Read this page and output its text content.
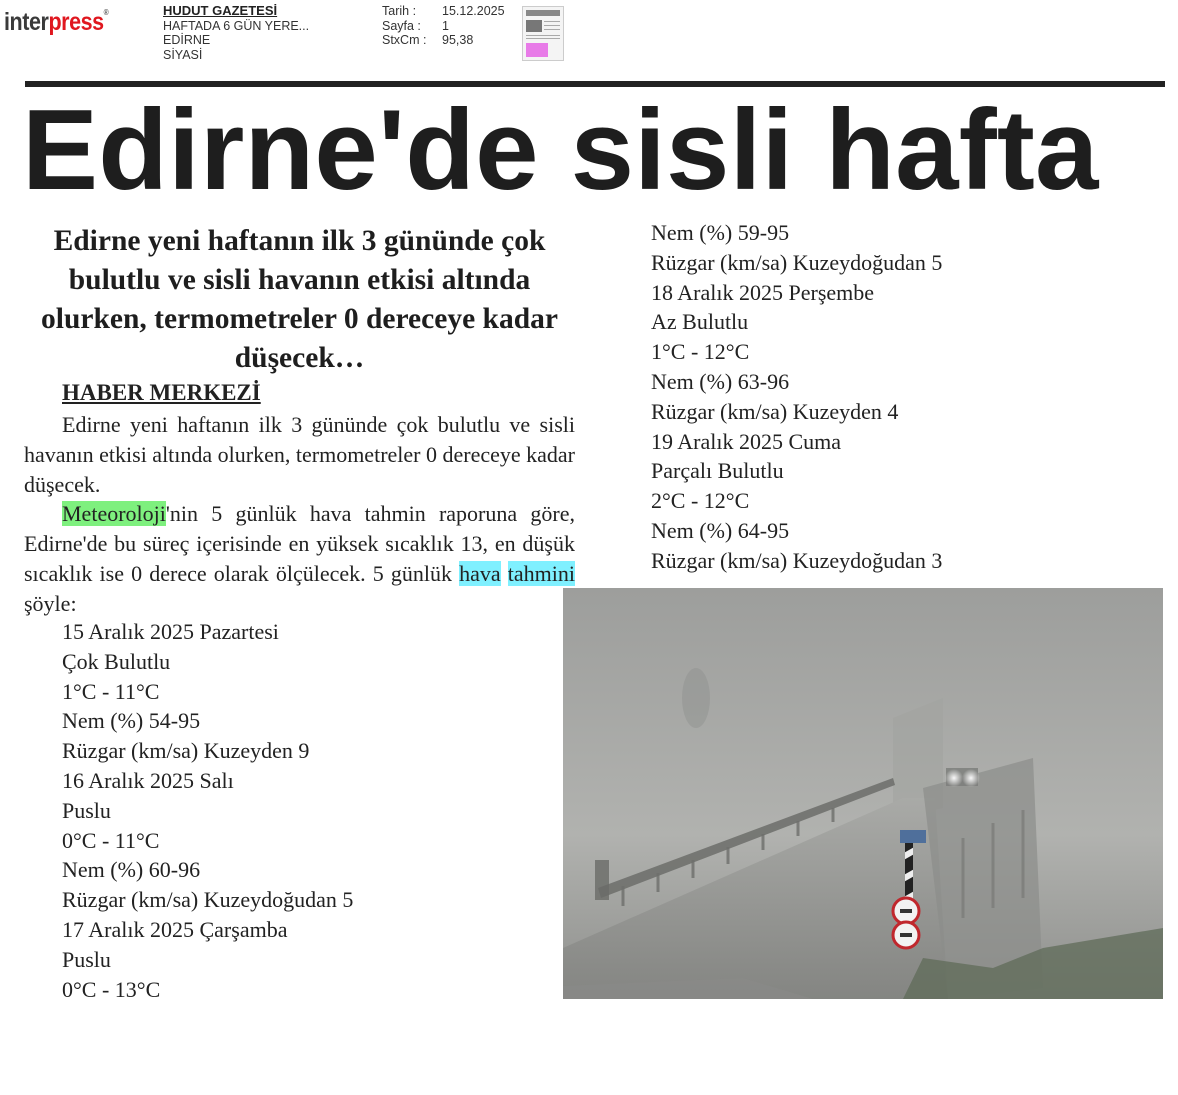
interpress®	HUDUT GAZETESİ
HAFTADA 6 GÜN YERE...
EDİRNE
SİYASİ
Tarih :	15.12.2025
Sayfa :	1
StxCm :	95,38
Edirne'de sisli hafta
Edirne yeni haftanın ilk 3 gününde çok bulutlu ve sisli havanın etkisi altında olurken, termometreler 0 dereceye kadar düşecek…
HABER MERKEZİ

Edirne yeni haftanın ilk 3 gününde çok bulutlu ve sisli havanın etkisi altında olurken, termometreler 0 dereceye kadar düşecek.

Meteoroloji'nin 5 günlük hava tahmin raporuna göre, Edirne'de bu süreç içerisinde en yüksek sıcaklık 13, en düşük sıcaklık ise 0 derece olarak ölçülecek. 5 günlük hava tahmini şöyle:

15 Aralık 2025 Pazartesi
Çok Bulutlu
1°C - 11°C
Nem (%) 54-95
Rüzgar (km/sa) Kuzeyden 9
16 Aralık 2025 Salı
Puslu
0°C - 11°C
Nem (%) 60-96
Rüzgar (km/sa) Kuzeydoğudan 5
17 Aralık 2025 Çarşamba
Puslu
0°C - 13°C
Nem (%) 59-95
Rüzgar (km/sa) Kuzeydoğudan 5
18 Aralık 2025 Perşembe
Az Bulutlu
1°C - 12°C
Nem (%) 63-96
Rüzgar (km/sa) Kuzeyden 4
19 Aralık 2025 Cuma
Parçalı Bulutlu
2°C - 12°C
Nem (%) 64-95
Rüzgar (km/sa) Kuzeydoğudan 3
